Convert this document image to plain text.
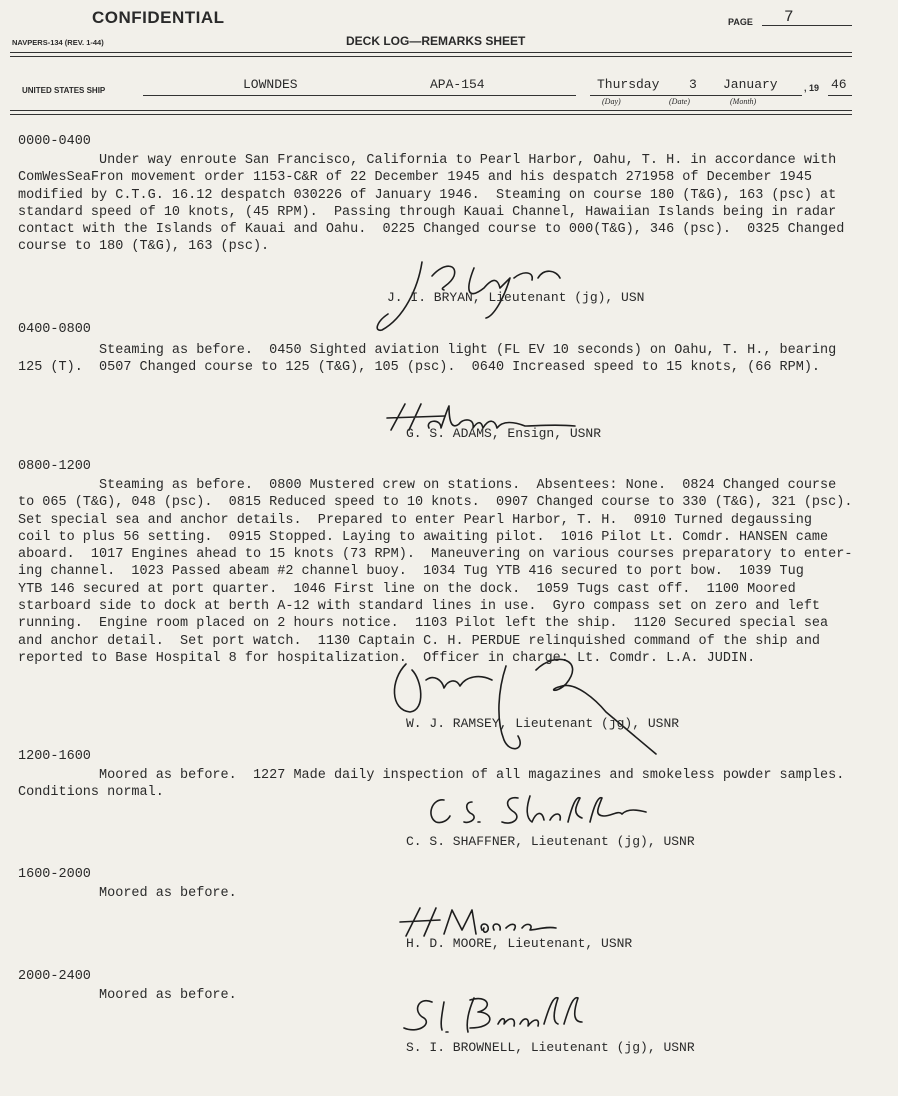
CONFIDENTIAL
NAVPERS-134 (REV. 1-44)	DECK LOG—REMARKS SHEET
PAGE 7
UNITED STATES SHIP	LOWNDES	APA-154	Thursday 3 January	, 19 46
(Day)	(Date)	(Month)
0000-0400
Under way enroute San Francisco, California to Pearl Harbor, Oahu, T. H. in accordance with
ComWesSeaFron movement order 1153-C&R of 22 December 1945 and his despatch 271958 of December 1945
modified by C.T.G. 16.12 despatch 030226 of January 1946.  Steaming on course 180 (T&G), 163 (psc) at
standard speed of 10 knots, (45 RPM).  Passing through Kauai Channel, Hawaiian Islands being in radar
contact with the Islands of Kauai and Oahu.  0225 Changed course to 000(T&G), 346 (psc).  0325 Changed
course to 180 (T&G), 163 (psc).
J. I. BRYAN, Lieutenant (jg), USN
0400-0800
Steaming as before.  0450 Sighted aviation light (FL EV 10 seconds) on Oahu, T. H., bearing
125 (T).  0507 Changed course to 125 (T&G), 105 (psc).  0640 Increased speed to 15 knots, (66 RPM).
G. S. ADAMS, Ensign, USNR
0800-1200
Steaming as before.  0800 Mustered crew on stations.  Absentees: None.  0824 Changed course
to 065 (T&G), 048 (psc).  0815 Reduced speed to 10 knots.  0907 Changed course to 330 (T&G), 321 (psc).
Set special sea and anchor details.  Prepared to enter Pearl Harbor, T. H.  0910 Turned degaussing
coil to plus 56 setting.  0915 Stopped. Laying to awaiting pilot.  1016 Pilot Lt. Comdr. HANSEN came
aboard.  1017 Engines ahead to 15 knots (73 RPM).  Maneuvering on various courses preparatory to enter-
ing channel.  1023 Passed abeam #2 channel buoy.  1034 Tug YTB 416 secured to port bow.  1039 Tug
YTB 146 secured at port quarter.  1046 First line on the dock.  1059 Tugs cast off.  1100 Moored
starboard side to dock at berth A-12 with standard lines in use.  Gyro compass set on zero and left
running.  Engine room placed on 2 hours notice.  1103 Pilot left the ship.  1120 Secured special sea
and anchor detail.  Set port watch.  1130 Captain C. H. PERDUE relinquished command of the ship and
reported to Base Hospital 8 for hospitalization.  Officer in charge: Lt. Comdr. L.A. JUDIN.
W. J. RAMSEY, Lieutenant (jg), USNR
1200-1600
Moored as before.  1227 Made daily inspection of all magazines and smokeless powder samples.
Conditions normal.
C. S. SHAFFNER, Lieutenant (jg), USNR
1600-2000
Moored as before.
H. D. MOORE, Lieutenant, USNR
2000-2400
Moored as before.
S. I. BROWNELL, Lieutenant (jg), USNR
